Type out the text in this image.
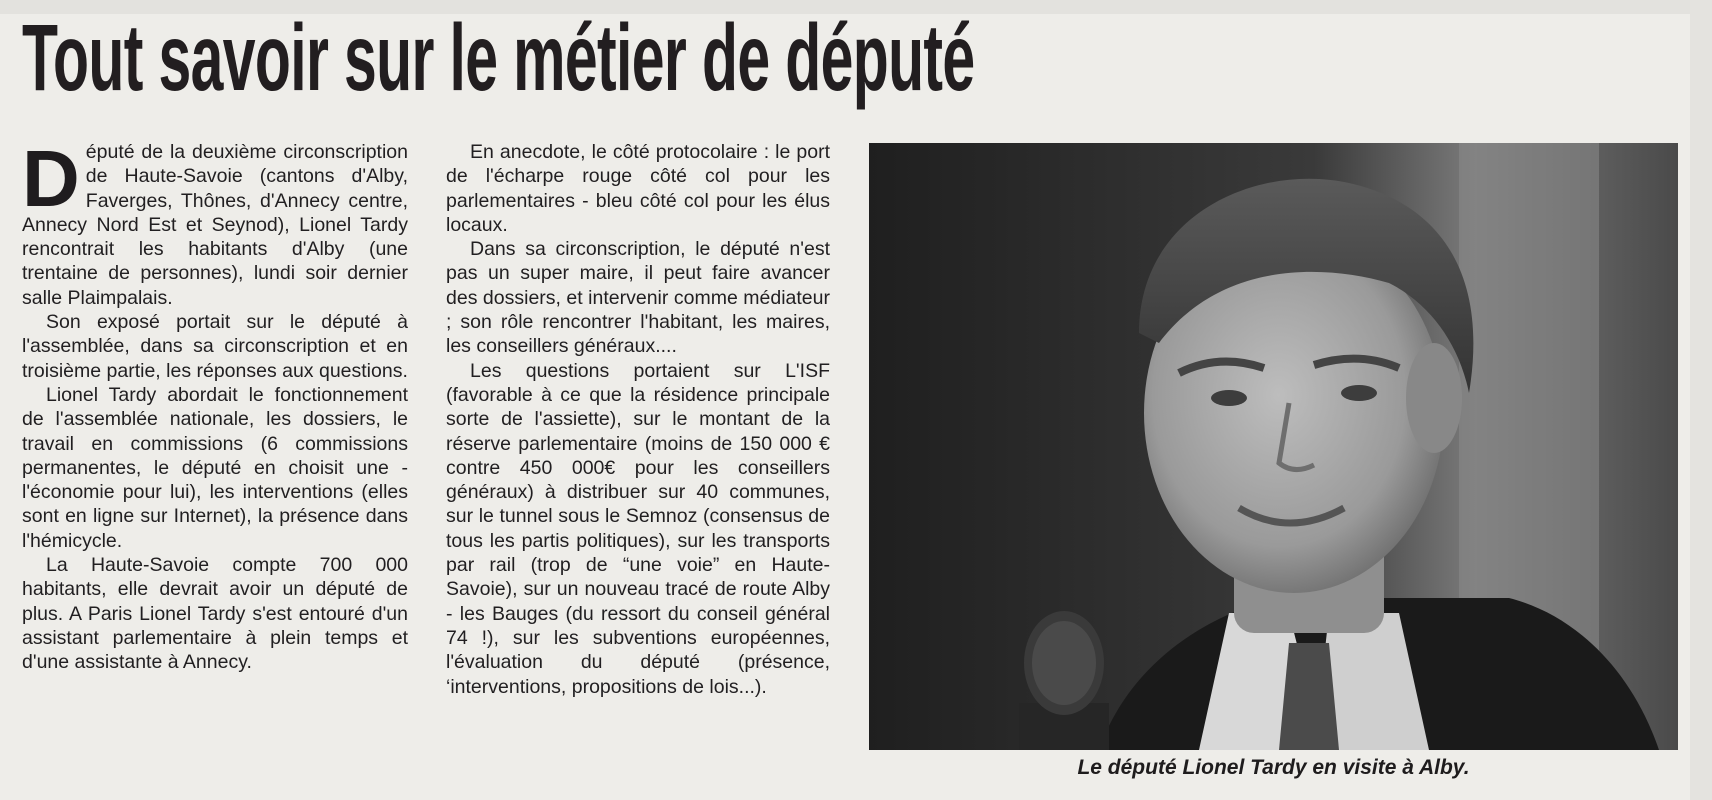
Tout savoir sur le métier de député
D éputé de la deuxième circonscription de Haute-Savoie (cantons d'Alby, Faverges, Thônes, d'Annecy centre, Annecy Nord Est et Seynod), Lionel Tardy rencontrait les habitants d'Alby (une trentaine de personnes), lundi soir dernier salle Plaimpalais.

Son exposé portait sur le député à l'assemblée, dans sa circonscription et en troisième partie, les réponses aux questions.

Lionel Tardy abordait le fonctionnement de l'assemblée nationale, les dossiers, le travail en commissions (6 commissions permanentes, le député en choisit une - l'économie pour lui), les interventions (elles sont en ligne sur Internet), la présence dans l'hémicycle.

La Haute-Savoie compte 700 000 habitants, elle devrait avoir un député de plus. A Paris Lionel Tardy s'est entouré d'un assistant parlementaire à plein temps et d'une assistante à Annecy.

En anecdote, le côté protocolaire : le port de l'écharpe rouge côté col pour les parlementaires - bleu côté col pour les élus locaux.

Dans sa circonscription, le député n'est pas un super maire, il peut faire avancer des dossiers, et intervenir comme médiateur ; son rôle rencontrer l'habitant, les maires, les conseillers généraux....

Les questions portaient sur L'ISF (favorable à ce que la résidence principale sorte de l'assiette), sur le montant de la réserve parlementaire (moins de 150 000 € contre 450 000€ pour les conseillers généraux) à distribuer sur 40 communes, sur le tunnel sous le Semnoz (consensus de tous les partis politiques), sur les transports par rail (trop de “une voie” en Haute-Savoie), sur un nouveau tracé de route Alby - les Bauges (du ressort du conseil général 74 !), sur les subventions européennes, l'évaluation du député (présence, ‘interventions, propositions de lois...).

Le député Lionel Tardy en visite à Alby.
